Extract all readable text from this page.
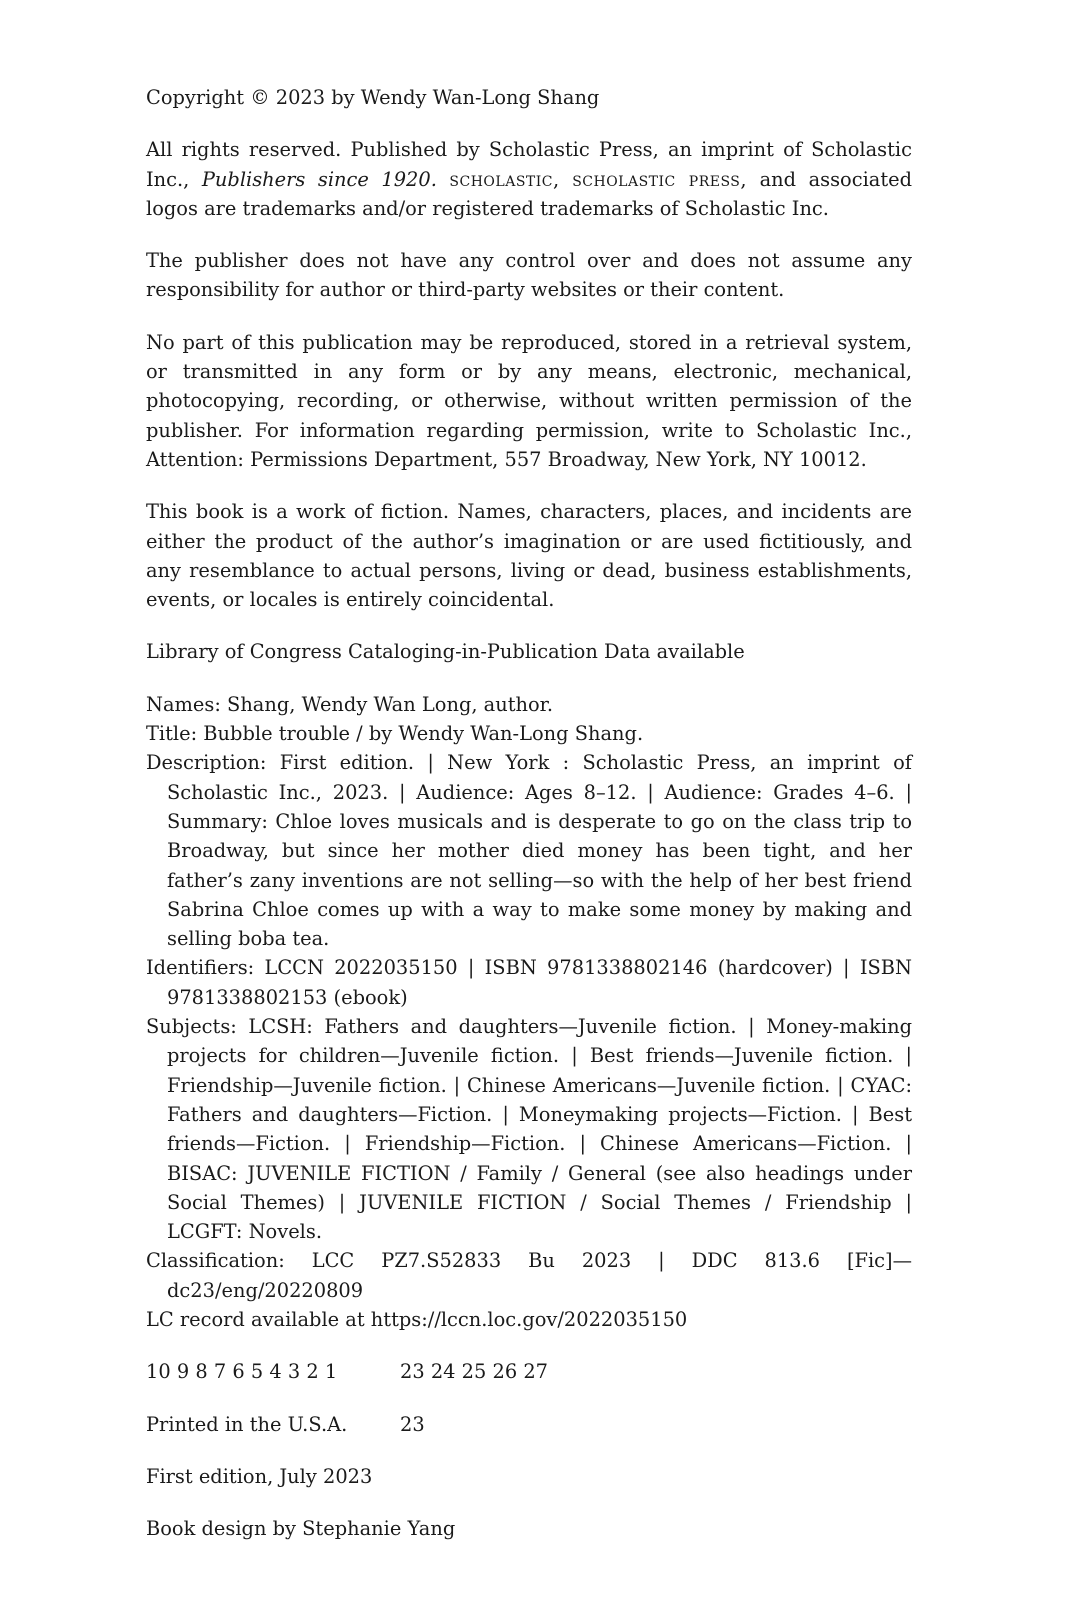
Copyright © 2023 by Wendy Wan-Long Shang

All rights reserved. Published by Scholastic Press, an imprint of Scholastic Inc., Publishers since 1920. scholastic, scholastic press, and associated logos are trademarks and/or registered trademarks of Scholastic Inc.

The publisher does not have any control over and does not assume any responsibility for author or third-party websites or their content.

No part of this publication may be reproduced, stored in a retrieval system, or transmitted in any form or by any means, electronic, mechanical, photocopying, recording, or otherwise, without written permission of the publisher. For information regarding permission, write to Scholastic Inc., Attention: Permissions Department, 557 Broadway, New York, NY 10012.

This book is a work of fiction. Names, characters, places, and incidents are either the product of the author’s imagination or are used fictitiously, and any resemblance to actual persons, living or dead, business establishments, events, or locales is entirely coincidental.

Library of Congress Cataloging-in-Publication Data available

Names: Shang, Wendy Wan Long, author.

Title: Bubble trouble / by Wendy Wan-Long Shang.

Description: First edition. | New York : Scholastic Press, an imprint of Scholastic Inc., 2023. | Audience: Ages 8–12. | Audience: Grades 4–6. | Summary: Chloe loves musicals and is desperate to go on the class trip to Broadway, but since her mother died money has been tight, and her father’s zany inventions are not selling—so with the help of her best friend Sabrina Chloe comes up with a way to make some money by making and selling boba tea.

Identifiers: LCCN 2022035150 | ISBN 9781338802146 (hardcover) | ISBN 9781338802153 (ebook)

Subjects: LCSH: Fathers and daughters—Juvenile fiction. | Money-making projects for children—Juvenile fiction. | Best friends—Juvenile fiction. | Friendship—Juvenile fiction. | Chinese Americans—Juvenile fiction. | CYAC: Fathers and daughters—Fiction. | Moneymaking projects—Fiction. | Best friends—Fiction. | Friendship—Fiction. | Chinese Americans—Fiction. | BISAC: JUVENILE FICTION / Family / General (see also headings under Social Themes) | JUVENILE FICTION / Social Themes / Friendship | LCGFT: Novels.

Classification: LCC PZ7.S52833 Bu 2023 | DDC 813.6 [Fic]—dc23/eng/20220809

LC record available at https://lccn.loc.gov/2022035150

10 9 8 7 6 5 4 3 2 1	23 24 25 26 27
Printed in the U.S.A.	23

First edition, July 2023

Book design by Stephanie Yang
